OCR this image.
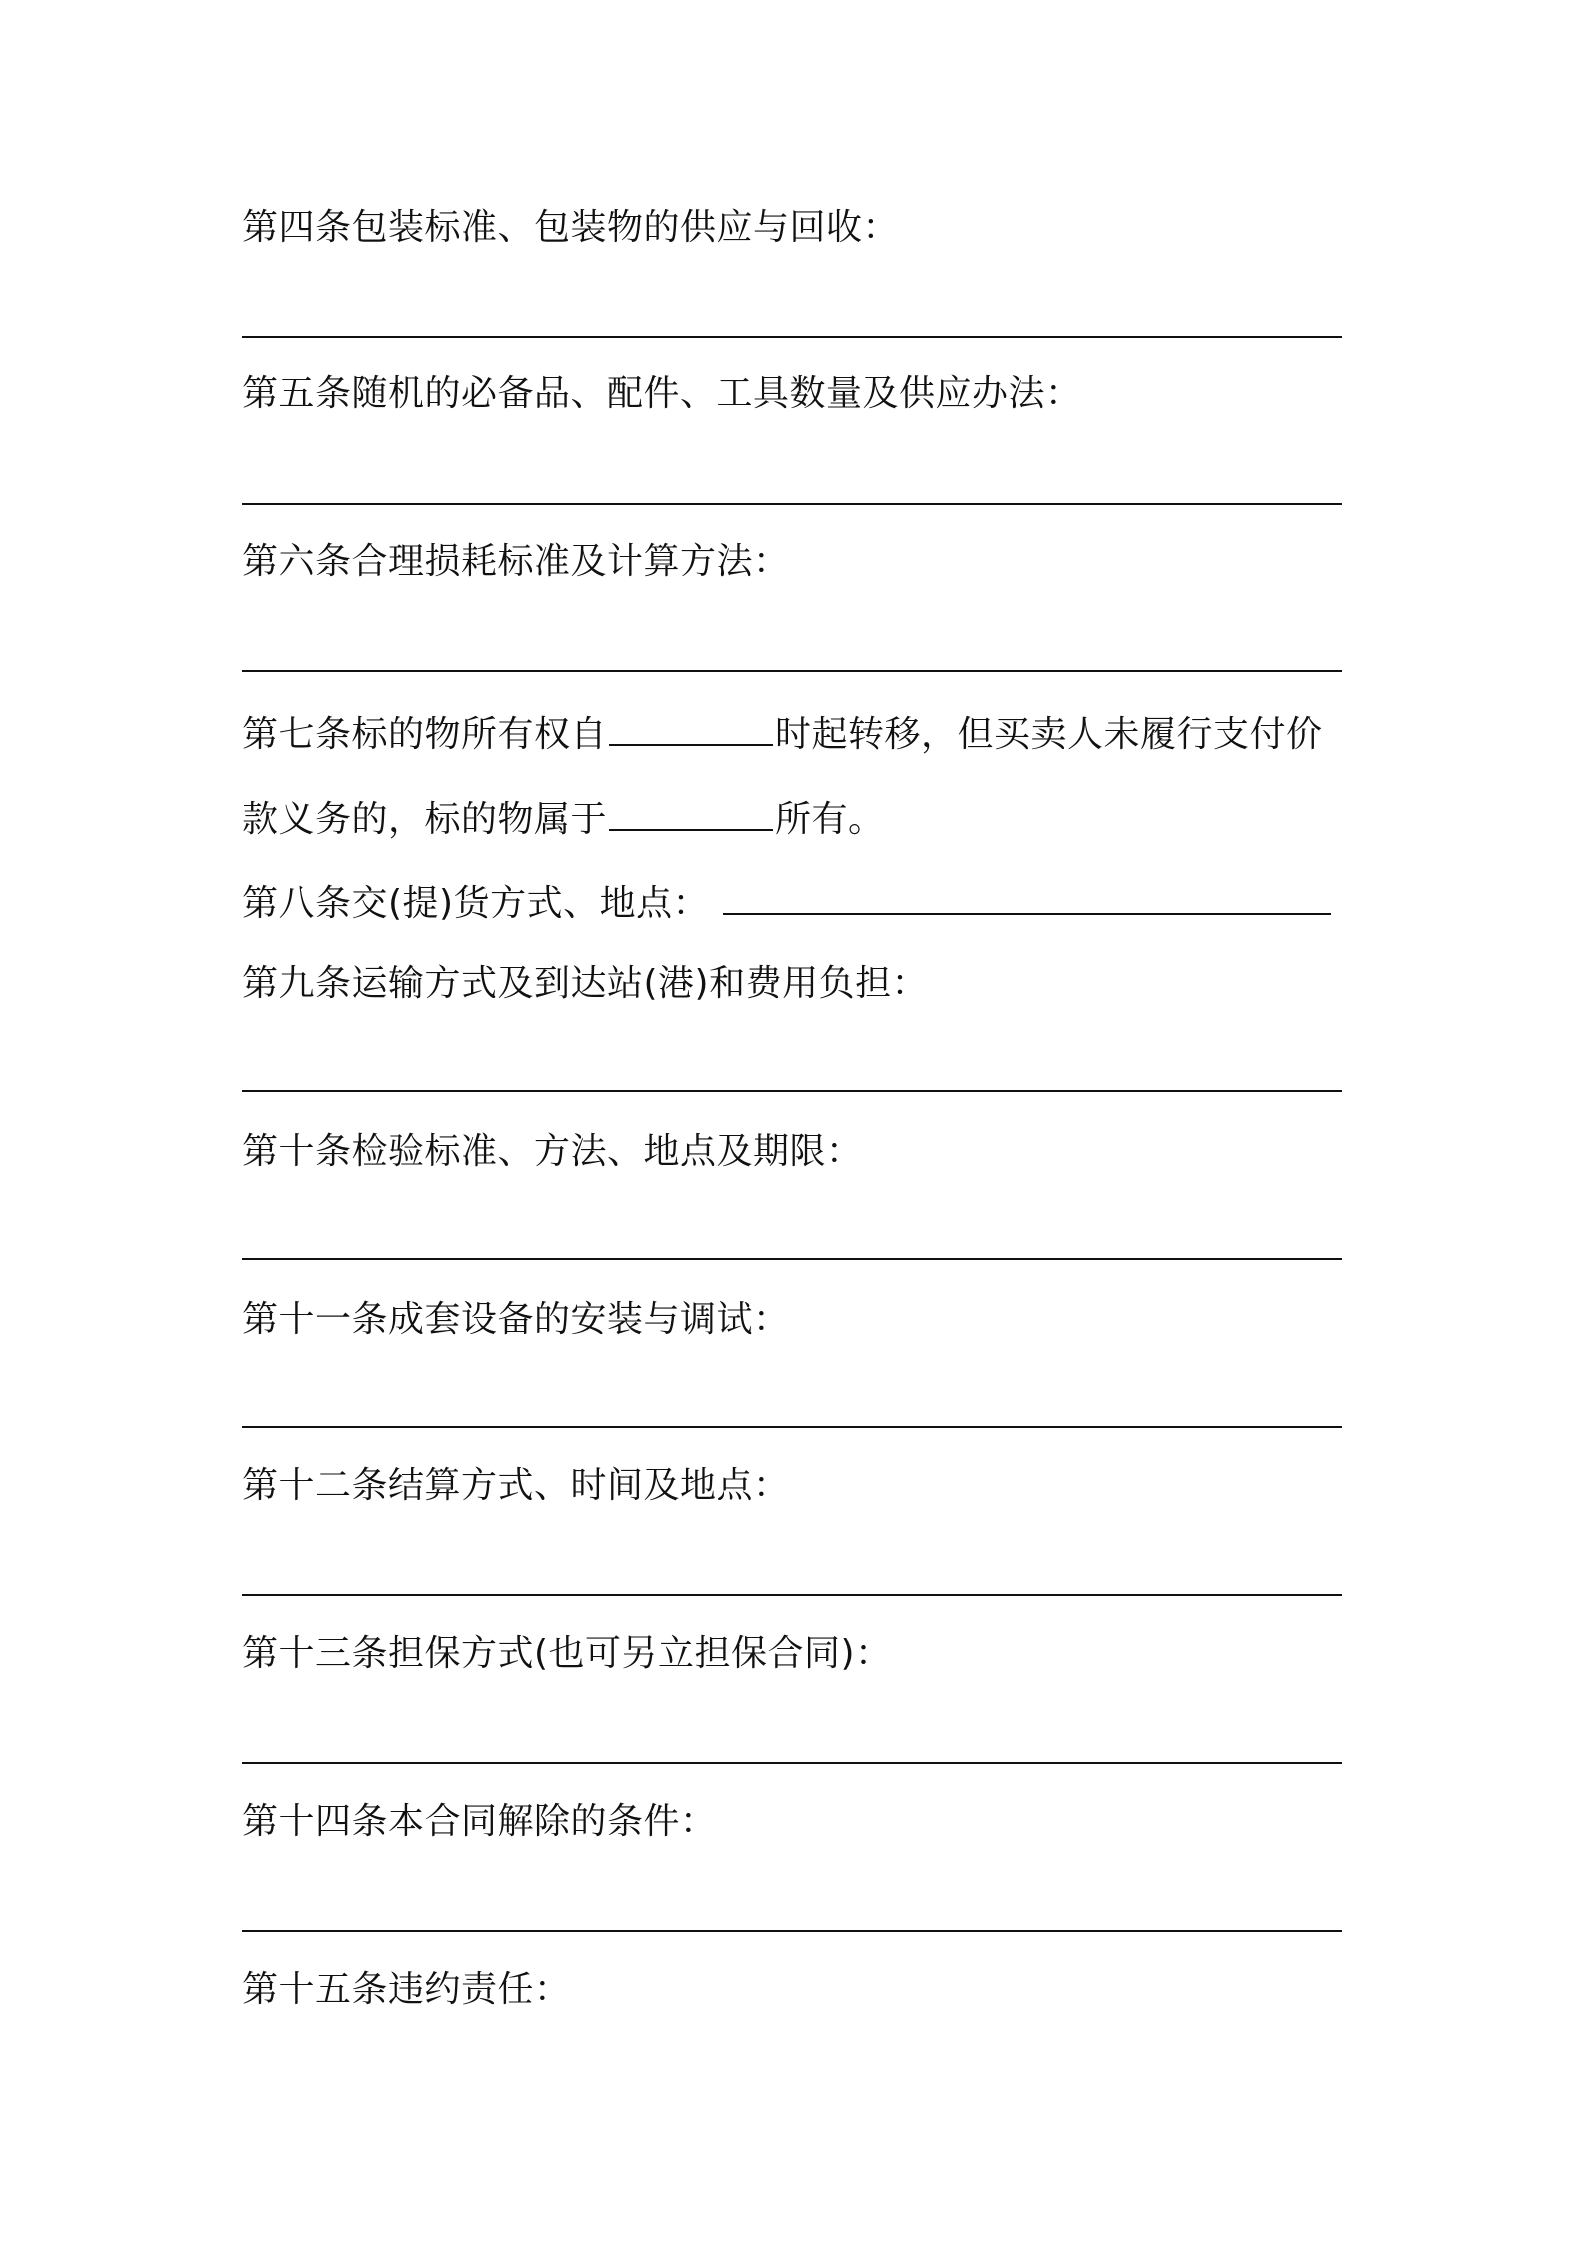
第四条包装标准、包装物的供应与回收：

第五条随机的必备品、配件、工具数量及供应办法：

第六条合理损耗标准及计算方法：

第七条标的物所有权自	时起转移，但买卖人未履行支付价

款义务的，标的物属于	所有。

第八条交(提)货方式、地点：

第九条运输方式及到达站(港)和费用负担：

第十条检验标准、方法、地点及期限：

第十一条成套设备的安装与调试：

第十二条结算方式、时间及地点：

第十三条担保方式(也可另立担保合同)：

第十四条本合同解除的条件：

第十五条违约责任：
